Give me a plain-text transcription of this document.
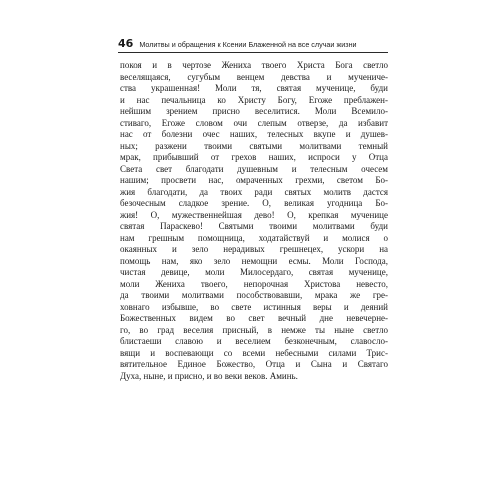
46 Молитвы и обращения к Ксении Блаженной на все случаи жизни
покоя и в чертозе Жениха твоего Христа Бога светло
веселящаяся, сугубым венцем девства и мучениче-
ства украшенная! Моли тя, святая мученице, буди
и нас печальница ко Христу Богу, Егоже преблажен-
нейшим зрением присно веселитися. Моли Всемило-
стиваго, Егоже словом очи слепым отверзе, да избавит
нас от болезни очес наших, телесных вкупе и душев-
ных; разжени твоими святыми молитвами темный
мрак, прибывший от грехов наших, испроси у Отца
Света свет благодати душевным и телесным очесем
нашим; просвети нас, омраченных грехми, светом Бо-
жия благодати, да твоих ради святых молитв дастся
безочесным сладкое зрение. О, великая угодница Бо-
жия! О, мужественнейшая дево! О, крепкая мученице
святая Параскево! Святыми твоими молитвами буди
нам грешным помощница, ходатайствуй и молися о
окаянных и зело нерадивых грешнецех, ускори на
помощь нам, яко зело немощни есмы. Моли Господа,
чистая девице, моли Милосердаго, святая мученице,
моли Жениха твоего, непорочная Христова невесто,
да твоими молитвами пособствовавши, мрака же гре-
ховнаго избывше, во свете истинныя веры и деяний
Божественных видем во свет вечный дне невечерне-
го, во град веселия присный, в немже ты ныне светло
блистаеши славою и веселием безконечным, славосло-
вящи и воспевающи со всеми небесными силами Трис-
вятительное Единое Божество, Отца и Сына и Святаго
Духа, ныне, и присно, и во веки веков. Аминь.
